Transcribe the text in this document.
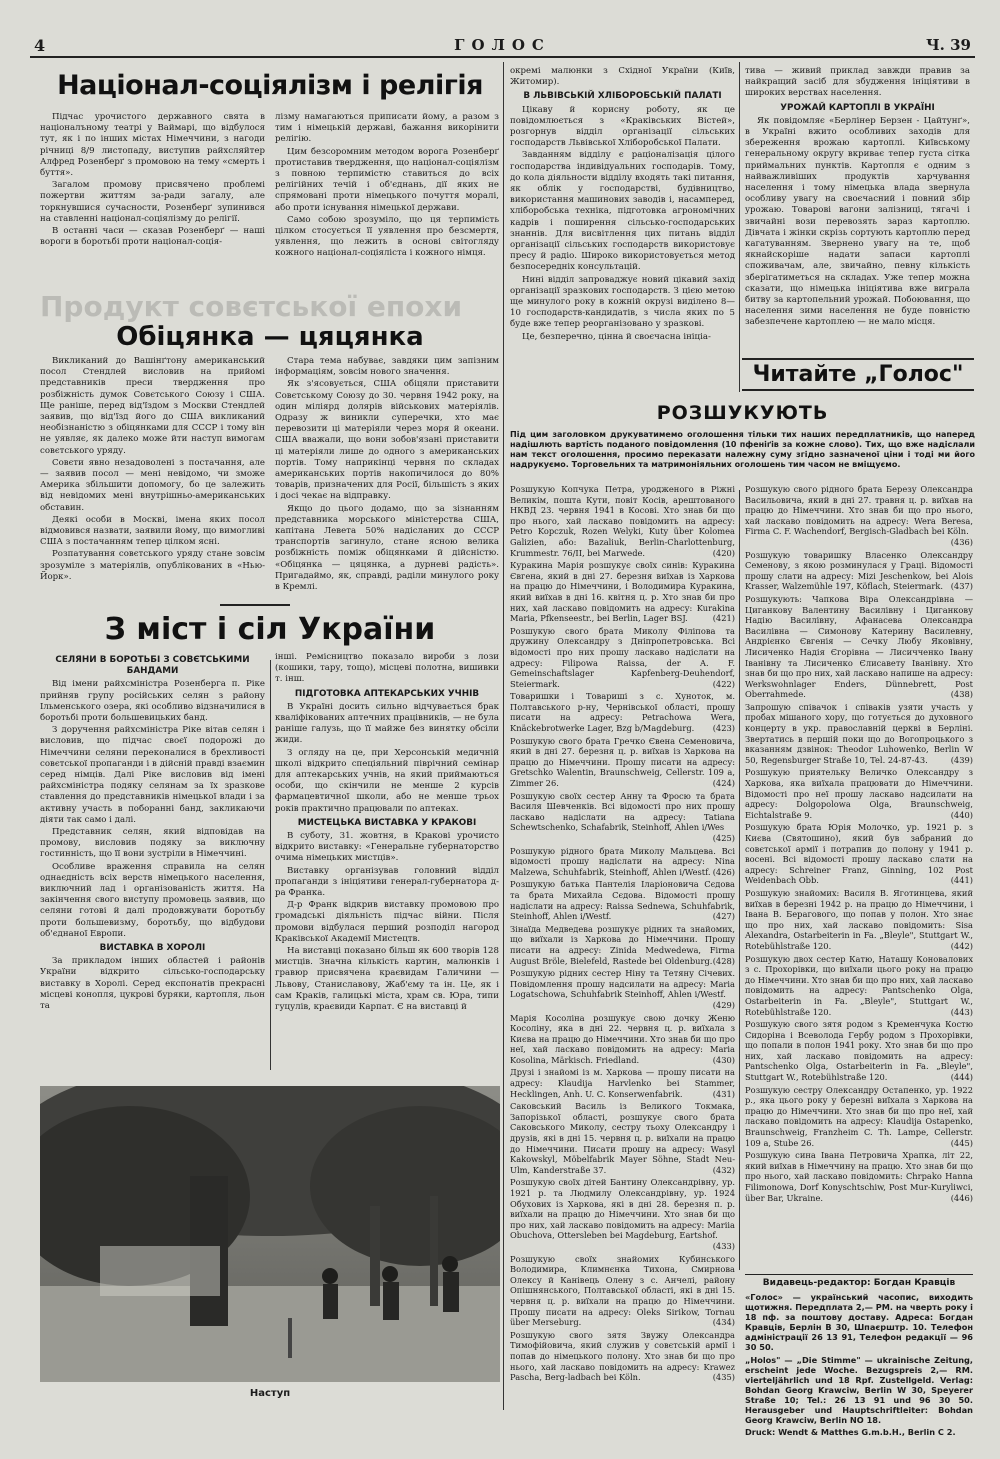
4	ГОЛОС	Ч. 39
Націонал-соціялізм і релігія

Підчас урочистого державного свята в націоналъному театрі у Ваймарі, що відбулося тут, як і по інших містах Німеччини, з нагоди річниці 8/9 листопаду, виступив райхсляйтер Алфред Розенберґ з промовою на тему «смерть і буття».

Загалом промову присвячено проблемі пожертви життям за-ради загалу, але торкнувшися сучасности, Розенберґ зупинився на ставленні націонал-соціялізму до релігії.

В останні часи — сказав Розенберґ — наші вороги в боротьбі проти націонал-соція-

лізму намагаються приписати йому, а разом з тим і німецькій державі, бажання викорінити релігію.

Цим безсоромним методом ворога Розенберґ протиставив твердження, що націонал-соціялізм з повною терпимістю ставиться до всіх релігійних течій і об'єднань, дії яких не спрямовані проти німецького почуття моралі, або проти існування німецької держави.

Само собою зрозуміло, що ця терпимість цілком стосується її уявлення про безсмертя, уявлення, що лежить в основі світогляду кожного націонал-соціяліста і кожного німця.

Продукт совєтської епохи
Обіцянка — цяцянка

Викликаний до Вашінґтону американський посол Стендлей висловив на прийомі представників преси твердження про розбіжність думок Совєтського Союзу і США. Ще раніше, перед від'їздом з Москви Стендлей заявив, що від'їзд його до США викликаний необізнаністю з обіцянками для СССР і тому він не уявляє, як далеко може йти наступ вимогам совєтського уряду.

Совєти явно незадоволені з постачання, але — заявив посол — мені невідомо, чи зможе Америка збільшити допомогу, бо це залежить від невідомих мені внутрішньо-американських обставин.

Деякі особи в Москві, імена яких посол відмовився назвати, заявили йому, що вимогливі США з постачанням тепер цілком ясні.

Розпатування совєтського уряду стане зовсім зрозуміле з матеріялів, опублікованих в «Нью-Йорк».

Стара тема набуває, завдяки цим запізним інформаціям, зовсім нового значення.

Як з'ясовується, США обіцяли приставити Совєтському Союзу до 30. червня 1942 року, на один міліярд долярів військових матеріялів. Одразу ж виникли суперечки, хто має перевозити ці матеріяли через моря й океани. США вважали, що вони зобов'язані приставити ці матеріяли лише до одного з американських портів. Тому наприкінці червня по складах американських портів накопичилося до 80% товарів, призначених для Росії, більшість з яких і досі чекає на відправку.

Якщо до цього додамо, що за зізнанням представника морського міністерства США, капітана Левета 50% надісланих до СССР транспортів загинуло, стане ясною велика розбіжність поміж обіцянками й дійсністю. «Обіцянка — цяцянка, а дурневі радість». Пригадаймо, як, справді, раділи минулого року в Кремлі.

З міст і сіл України
СЕЛЯНИ В БОРОТЬБІ З СОВЄТСЬКИМИ БАНДАМИ

Від імени райхсміністра Розенберга п. Ріке прийняв групу російських селян з району Ільменського озера, які особливо відзначилися в боротьбі проти большевицьких банд.

З доручення райхсміністра Ріке вітав селян і висловив, що підчас своєї подорожі до Німеччини селяни переконалися в брехливості совєтської пропаганди і в дійсній правді взаємин серед німців. Далі Ріке висловив від імені райхсміністра подяку селянам за їх зразкове ставлення до представників німецької влади і за активну участь в поборанні банд, закликаючи діяти так само і далі.

Представник селян, який відповідав на промову, висловив подяку за виключну гостинність, що її вони зустріли в Німеччині.

Особливе враження справила на селян однаєдність всіх верств німецького населення, виключний лад і організованість життя. На закінчення свого виступу промовець заявив, що селяни готові й далі продовжувати боротьбу проти большевизму, боротьбу, що відбудови об'єднаної Европи.

ВИСТАВКА В ХОРОЛІ

За прикладом інших областей і районів України відкрито сільсько-господарську виставку в Хоролі. Серед експонатів прекрасні місцеві конопля, цукрові буряки, картопля, льон та

інші. Ремісництво показало вироби з лози (кошики, тару, тощо), місцеві полотна, вишивки т. інш.

ПІДГОТОВКА АПТЕКАРСЬКИХ УЧНІВ

В Україні досить сильно відчувається брак кваліфікованих аптечних працівників, — не була раніше галузь, що її майже без винятку обсіли жиди.

З огляду на це, при Херсонській медичній школі відкрито спеціяльний піврічний семінар для аптекарських учнів, на який приймаються особи, що скінчили не менше 2 курсів фармацевтичної школи, або не менше трьох років практично працювали по аптеках.

МИСТЕЦЬКА ВИСТАВКА У КРАКОВІ

В суботу, 31. жовтня, в Кракові урочисто відкрито виставку: «Генеральне губернаторство очима німецьких мистців».

Виставку організував головний відділ пропаганди з ініціятиви генерал-губернатора д-ра Франка.

Д-р Франк відкрив виставку промовою про громадські діяльність підчас війни. Після промови відбулася перший розподіл нагород Краківської Академії Мистецтв.

На виставці показано більш як 600 творів 128 мистців. Значна кількість картин, малюнків і гравюр присвячена краєвидам Галичини — Львову, Станиславову, Жаб'єму та ін. Це, як і сам Краків, галицькі міста, храм св. Юра, типи гуцулів, краєвиди Карпат. Є на виставці й

Наступ

окремі малюнки з Східної України (Київ, Житомир).

В ЛЬВІВСЬКІЙ ХЛІБОРОБСЬКІЙ ПАЛАТІ

Цікаву й корисну роботу, як це повідомлюється з «Краківських Вістей», розгорнув відділ організації сільських господарств Львівської Хліборобської Палати.

Завданням відділу є раціоналізація цілого господарства індивідуальних господарів. Тому, до кола діяльности відділу входять такі питання, як облік у господарстві, будівництво, використання машинових заводів і, насамперед, хліборобська техніка, підготовка агрономічних кадрів і поширення сільсько-господарських знаннів. Для висвітлення цих питань відділ організації сільських господарств використовує пресу й радіо. Широко використовується метод безпосередніх консультацій.

Нині відділ запроваджує новий цікавий захід організації зразкових господарств. З цією метою ще минулого року в кожній окрузі виділено 8—10 господарств-кандидатів, з числа яких по 5 буде вже тепер реорганізовано у зразкові.

Це, безперечно, цінна й своєчасна ініціа-

тива — живий приклад завжди правив за найкращий засіб для збудження ініціятиви в широких верствах населення.

УРОЖАЙ КАРТОПЛІ В УКРАЇНІ

Як повідомляє «Берлінер Берзен - Цайтунґ», в Україні вжито особливих заходів для збереження врожаю картоплі. Київському генеральному округу вкриває тепер густа сітка приймальних пунктів. Картопля є одним з найважливіших продуктів харчування населення і тому німецька влада звернула особливу увагу на своєчасний і повний збір урожаю. Товарові вагони залізниці, тягачі і звичайні вози перевозять зараз картоплю. Дівчата і жінки скрізь сортують картоплю перед кагатуванням. Звернено увагу на те, щоб якнайскоріше надати запаси картоплі споживачам, але, звичайно, певну кількість зберігатиметься на складах. Уже тепер можна сказати, що німецька ініціятива вже виграла битву за картопельний урожай. Побоювання, що населення зими населення не буде повністю забезпечене картоплею — не мало місця.

Читайте „Голос"
РОЗШУКУЮТЬ
Під цим заголовком друкуватимемо оголошення тільки тих наших передплатників, що наперед надішлють вартість поданого повідомлення (10 пфеніґів за кожне слово). Тих, що вже надіслали нам текст оголошення, просимо переказати належну суму згідно зазначеної ціни і тоді ми його надрукуємо. Торговельних та матримоніяльних оголошень тим часом не вміщуємо.
Розшукую Копчука Петра, уродженого в Ріжні Великім, пошта Кути, повіт Косів, арештованого НКВД 23. червня 1941 в Косові. Хто знав би що про нього, хай ласкаво повідомить на адресу: Petro Kopczuk, Rozen Welyki, Kuty über Kolomea Galizien, або: Bazaliuk, Berlin-Charlottenburg, Krummestr. 76/II, bei Marwede.	(420)
Куракина Марія розшукує своїх синів: Куракина Євгена, який в дні 27. березня виїхав із Харкова на працю до Німеччини, і Володимира Куракина, який виїхав в дні 16. квітня ц. р. Хто знав би про них, хай ласкаво повідомить на адресу: Kurakina Maria, Pfkenseestr., bei Berlin, Lager BSJ.	(421)
Розшукую свого брата Миколу Філіпова та дружину Олександру з Дніпропетровська. Всі відомості про них прошу ласкаво надіслати на адресу: Filipowa Raissa, der A. F. Gemeinschaftslager Kapfenberg-Deuhendorf, Steiermark.	(422)
Товаришки і Товариші з с. Хуноток, м. Полтавського р-ну, Чернівської області, прошу писати на адресу: Petrachowa Wera, Knäckebrotwerke Lager, Bzg b/Magdeburg. (423)
Розшукую свого брата Гречко Євена Семеновича, який в дні 27. березня ц. р. виїхав із Харкова на працю до Німеччини. Прошу писати на адресу: Gretschko Walentin, Braunschweig, Cellerstr. 109 a, Zimmer 26.	(424)
Розшукую своїх сестер Анну та Фросю та брата Василя Шевченків. Всі відомості про них прошу ласкаво надіслати на адресу: Tatiana Schewtschenko, Schafabrik, Steinhoff, Ahlen i/Wes
(425)
Розшукую рідного брата Миколу Мальцева. Всі відомості прошу надіслати на адресу: Nina Malzewa, Schuhfabrik, Steinhoff, Ahlen i/Westf. (426)
Розшукую батька Пантелія Іларіоновича Сєдова та брата Михайла Сєдова. Відомості прошу надіслати на адресу: Raissa Sednewa, Schuhfabrik, Steinhoff, Ahlen i/Westf.	(427)
Зінаїда Медведева розшукує рідних та знайомих, що виїхали із Харкова до Німеччини. Прошу писати на адресу: Zinida Medwedewa, Firma August Bröle, Bielefeld, Rastede bei Oldenburg. (428)
Розшукую рідних сестер Ніну та Тетяну Січевих. Повідомлення прошу надсилати на адресу: Maria Logatschowa, Schuhfabrik Steinhoff, Ahlen i/Westf.
(429)
Марія Косоліна розшукує свою дочку Женю Косоліну, яка в дні 22. червня ц. р. виїхала з Києва на працю до Німеччини. Хто знав би що про неї, хай ласкаво повідомить на адресу: Maria Kosolina, Märkisch. Friedland.	(430)
Друзі і знайомі із м. Харкова — прошу писати на адресу: Klaudija Harvlenko bei Stammer, Hecklingen, Anh. U. C. Konserwenfabrik.	(431)
Саковський Василь із Великого Токмака, Запорізької області, розшукує свого брата Саковського Миколу, сестру тьоху Олександру і друзів, які в дні 15. червня ц. р. виїхали на працю до Німеччини. Писати прошу на адресу: Wasyl Kakowskyl, Möbelfabrik Mayer Söhne, Stadt Neu-Ulm, Kanderstraße 37.	(432)
Розшукую своїх дітей Бантину Олександрівну, ур. 1921 р. та Людмилу Олександрівну, ур. 1924 Обухових із Харкова, які в дні 28. березня п. р. виїхали на працю до Німеччини. Хто знав би що про них, хай ласкаво повідомить на адресу: Mariia Obuchova, Ottersleben bei Magdeburg, Eartshof.
(433)
Розшукую своїх знайомих Кубинського Володимира, Климнєнка Тихона, Смирнова Олексу й Канівець Олену з с. Анчелі, району Опішнянського, Полтавської області, які в дні 15. червня ц. р. виїхали на працю до Німеччини. Прошу писати на адресу: Oleks Sirikow, Tornau über Merseburg.	(434)
Розшукую свого зятя Звужу Олександра Тимофійовича, який служив у совєтській армії і попав до німецького полону. Хто знав би що про нього, хай ласкаво повідомить на адресу: Krawez Pascha, Berg-ladbach bei Köln.	(435)
Розшукую свого рідного брата Березу Олександра Васильовича, який в дні 27. травня ц. р. виїхав на працю до Німеччини. Хто знав би що про нього, хай ласкаво повідомить на адресу: Wera Beresa, Firma C. F. Wachendorf, Bergisch-Gladbach bei Köln.
(436)
Розшукую товаришку Власенко Олександру Семенову, з якою розминулася у Граці. Відомості прошу слати на адресу: Mizi Jeschenkow, bei Alois Krasser, Walzemühle 197, Köflach, Steiermark. (437)
Розшукують: Чапкова Віра Олександрівна — Циганкову Валентину Василівну і Циганкову Надію Василівну, Афанасева Олександра Василівна — Симонову Катерину Василевну, Андрієнко Євгенія — Сечку Любу Яковівну, Лисиченко Надія Єгорівна — Лисичченко Івану Іванівну та Лисиченко Єлисавету Іванівну. Хто знав би що про них, хай ласкаво напише на адресу: Werkswohnlager Enders, Dünnebrett, Post Oberrahmede.	(438)
Запрошую співачок і співаків узяти участь у пробах мішаного хору, що готується до духовного концерту в укр. православній церкві в Берліні. Звертатись в першій поки що до Вогопроцького з вказанням дзвінок: Theodor Luhowenko, Berlin W 50, Regensburger Straße 10, Tel. 24-87-43.	(439)
Розшукую приятельку Величко Олександру з Харкова, яка виїхала працювати до Німеччини. Відомості про неї прошу ласкаво надсилати на адресу: Dolgopolowa Olga, Braunschweig, Eichtalstraße 9.	(440)
Розшукую брата Юрія Молочко, ур. 1921 р. з Києва (Святошино), який був забраний до совєтської армії і потрапив до полону у 1941 р. восені. Всі відомості прошу ласкаво слати на адресу: Schreiner Franz, Ginning, 102 Post Weidenbach Obb.	(441)
Розшукую знайомих: Василя В. Яготинцева, який виїхав в березні 1942 р. на працю до Німеччини, і Івана В. Берагового, що попав у полон. Хто знає що про них, хай ласкаво повідомить: Sisa Alexandra, Ostarbeiterin in Fa. „Bleyle", Stuttgart W., Rotebühlstraße 120.	(442)
Розшукую двох сестер Катю, Наташу Коновалових з с. Прохорівки, що виїхали цього року на працю до Німеччини. Хто знав би що про них, хай ласкаво повідомить на адресу: Pantschenko Olga, Ostarbeiterin in Fa. „Bleyle", Stuttgart W., Rotebühlstraße 120.	(443)
Розшукую свого зятя родом з Кременчука Костю Сидоріна і Всеволода Гербу родом з Прохорівки, що попали в полон 1941 року. Хто знав би що про них, хай ласкаво повідомить на адресу: Pantschenko Olga, Ostarbeiterin in Fa. „Bleyle", Stuttgart W., Rotebühlstraße 120.	(444)
Розшукую сестру Олександру Остапенко, ур. 1922 р., яка цього року у березні виїхала з Харкова на працю до Німеччини. Хто знав би що про неї, хай ласкаво повідомить на адресу: Klaudija Ostapenko, Braunschweig, Franzheim C. Th. Lampe, Cellerstr. 109 a, Stube 26.	(445)
Розшукую сина Івана Петровича Храпка, літ 22, який виїхав в Німеччину на працю. Хто знав би що про нього, хай ласкаво повідомить: Chrpako Hanna Filimonowa, Dorf Konyschtschiw, Post Mur-Kuryliwci, über Bar, Ukraine.	(446)
Видавець-редактор: Богдан Кравців
«Голос» — український часопис, виходить щотижня. Передплата 2,— РМ. на чверть року і 18 пф. за поштову доставу. Адреса: Богдан Кравців, Берлін В 30, Шпаєрштр. 10. Телефон адміністрації 26 13 91, Телефон редакції — 96 30 50.
„Holos" — „Die Stimme" — ukrainische Zeitung, erscheint jede Woche. Bezugspreis 2,— RM. vierteljährlich und 18 Rpf. Zustellgeld. Verlag: Bohdan Georg Krawciw, Berlin W 30, Speyerer Straße 10; Tel.: 26 13 91 und 96 30 50. Herausgeber und Hauptschriftleiter: Bohdan Georg Krawciw, Berlin NO 18.
Druck: Wendt & Matthes G.m.b.H., Berlin C 2.
